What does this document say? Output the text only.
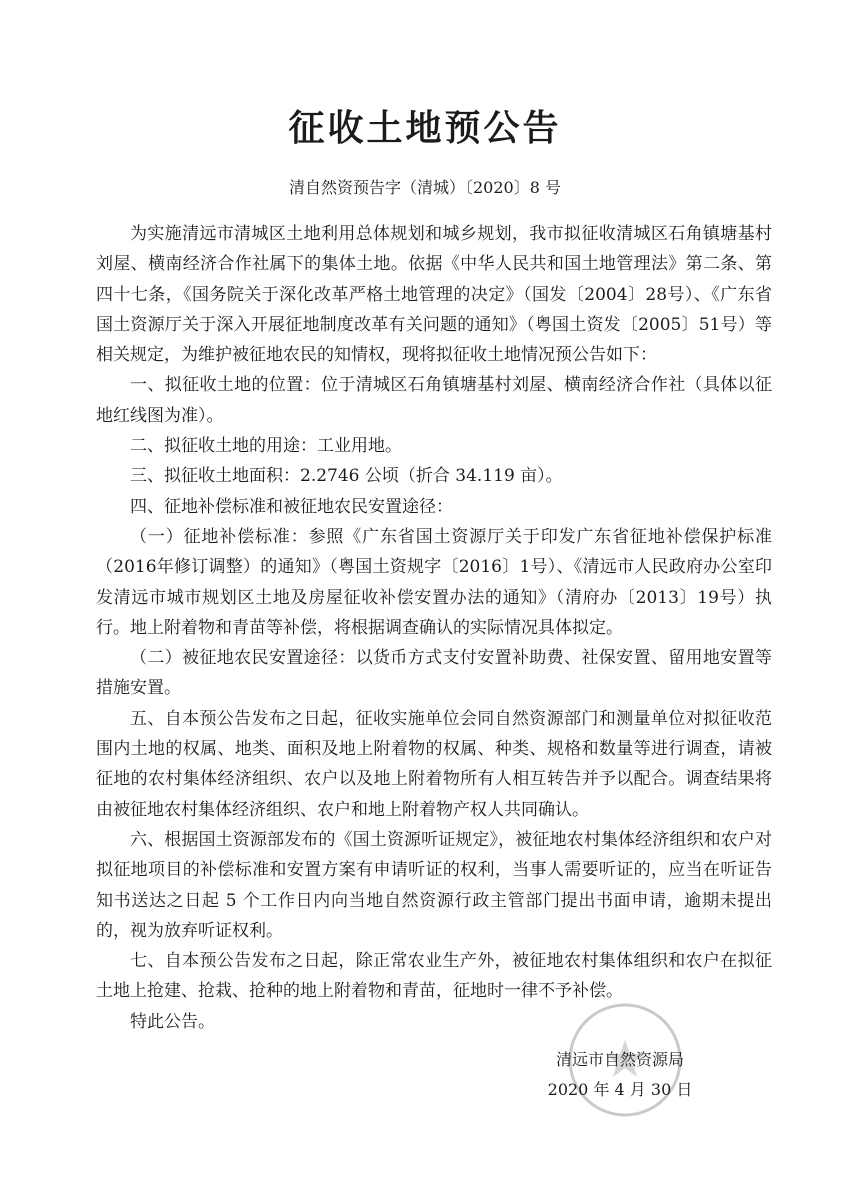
征收土地预公告
清自然资预告字（清城）〔2020〕8 号

为实施清远市清城区土地利用总体规划和城乡规划，我市拟征收清城区石角镇塘基村刘屋、横南经济合作社属下的集体土地。依据《中华人民共和国土地管理法》第二条、第四十七条，《国务院关于深化改革严格土地管理的决定》（国发〔2004〕28号）、《广东省国土资源厅关于深入开展征地制度改革有关问题的通知》（粤国土资发〔2005〕51号）等相关规定，为维护被征地农民的知情权，现将拟征收土地情况预公告如下：

一、拟征收土地的位置：位于清城区石角镇塘基村刘屋、横南经济合作社（具体以征地红线图为准）。

二、拟征收土地的用途：工业用地。

三、拟征收土地面积：2.2746 公顷（折合 34.119 亩）。

四、征地补偿标准和被征地农民安置途径：

（一）征地补偿标准：参照《广东省国土资源厅关于印发广东省征地补偿保护标准（2016年修订调整）的通知》（粤国土资规字〔2016〕1号）、《清远市人民政府办公室印发清远市城市规划区土地及房屋征收补偿安置办法的通知》（清府办〔2013〕19号）执行。地上附着物和青苗等补偿，将根据调查确认的实际情况具体拟定。

（二）被征地农民安置途径：以货币方式支付安置补助费、社保安置、留用地安置等措施安置。

五、自本预公告发布之日起，征收实施单位会同自然资源部门和测量单位对拟征收范围内土地的权属、地类、面积及地上附着物的权属、种类、规格和数量等进行调查，请被征地的农村集体经济组织、农户以及地上附着物所有人相互转告并予以配合。调查结果将由被征地农村集体经济组织、农户和地上附着物产权人共同确认。

六、根据国土资源部发布的《国土资源听证规定》，被征地农村集体经济组织和农户对拟征地项目的补偿标准和安置方案有申请听证的权利，当事人需要听证的，应当在听证告知书送达之日起 5 个工作日内向当地自然资源行政主管部门提出书面申请，逾期未提出的，视为放弃听证权利。

七、自本预公告发布之日起，除正常农业生产外，被征地农村集体组织和农户在拟征土地上抢建、抢栽、抢种的地上附着物和青苗，征地时一律不予补偿。

特此公告。

清远市自然资源局
2020 年 4 月 30 日
